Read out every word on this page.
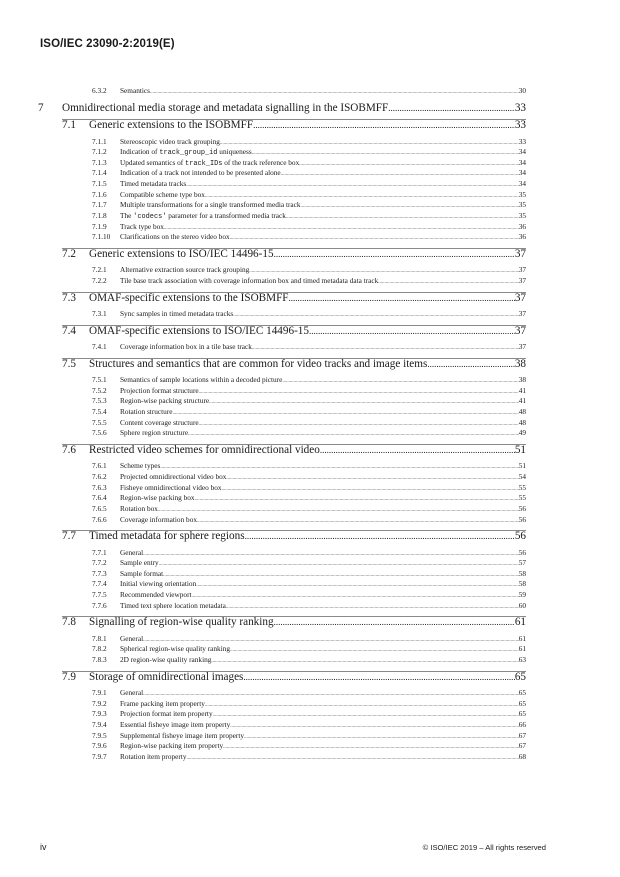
ISO/IEC 23090-2:2019(E)
6.3.2	Semantics .....	30
7	Omnidirectional media storage and metadata signalling in the ISOBMFF .....	33
7.1	Generic extensions to the ISOBMFF .....	33
7.1.1	Stereoscopic video track grouping .....	33
7.1.2	Indication of track_group_id uniqueness .....	34
7.1.3	Updated semantics of track_IDs of the track reference box .....	34
7.1.4	Indication of a track not intended to be presented alone .....	34
7.1.5	Timed metadata tracks .....	34
7.1.6	Compatible scheme type box .....	35
7.1.7	Multiple transformations for a single transformed media track .....	35
7.1.8	The 'codecs' parameter for a transformed media track .....	35
7.1.9	Track type box .....	36
7.1.10	Clarifications on the stereo video box .....	36
7.2	Generic extensions to ISO/IEC 14496-15 .....	37
7.2.1	Alternative extraction source track grouping .....	37
7.2.2	Tile base track association with coverage information box and timed metadata data track .....	37
7.3	OMAF-specific extensions to the ISOBMFF .....	37
7.3.1	Sync samples in timed metadata tracks .....	37
7.4	OMAF-specific extensions to ISO/IEC 14496-15 .....	37
7.4.1	Coverage information box in a tile base track .....	37
7.5	Structures and semantics that are common for video tracks and image items .....	38
7.5.1	Semantics of sample locations within a decoded picture .....	38
7.5.2	Projection format structure .....	41
7.5.3	Region-wise packing structure .....	41
7.5.4	Rotation structure .....	48
7.5.5	Content coverage structure .....	48
7.5.6	Sphere region structure .....	49
7.6	Restricted video schemes for omnidirectional video .....	51
7.6.1	Scheme types .....	51
7.6.2	Projected omnidirectional video box .....	54
7.6.3	Fisheye omnidirectional video box .....	55
7.6.4	Region-wise packing box .....	55
7.6.5	Rotation box .....	56
7.6.6	Coverage information box .....	56
7.7	Timed metadata for sphere regions .....	56
7.7.1	General .....	56
7.7.2	Sample entry .....	57
7.7.3	Sample format .....	58
7.7.4	Initial viewing orientation .....	58
7.7.5	Recommended viewport .....	59
7.7.6	Timed text sphere location metadata .....	60
7.8	Signalling of region-wise quality ranking .....	61
7.8.1	General .....	61
7.8.2	Spherical region-wise quality ranking .....	61
7.8.3	2D region-wise quality ranking .....	63
7.9	Storage of omnidirectional images .....	65
7.9.1	General .....	65
7.9.2	Frame packing item property .....	65
7.9.3	Projection format item property .....	65
7.9.4	Essential fisheye image item property .....	66
7.9.5	Supplemental fisheye image item property .....	67
7.9.6	Region-wise packing item property .....	67
7.9.7	Rotation item property .....	68
iv	© ISO/IEC 2019 – All rights reserved
